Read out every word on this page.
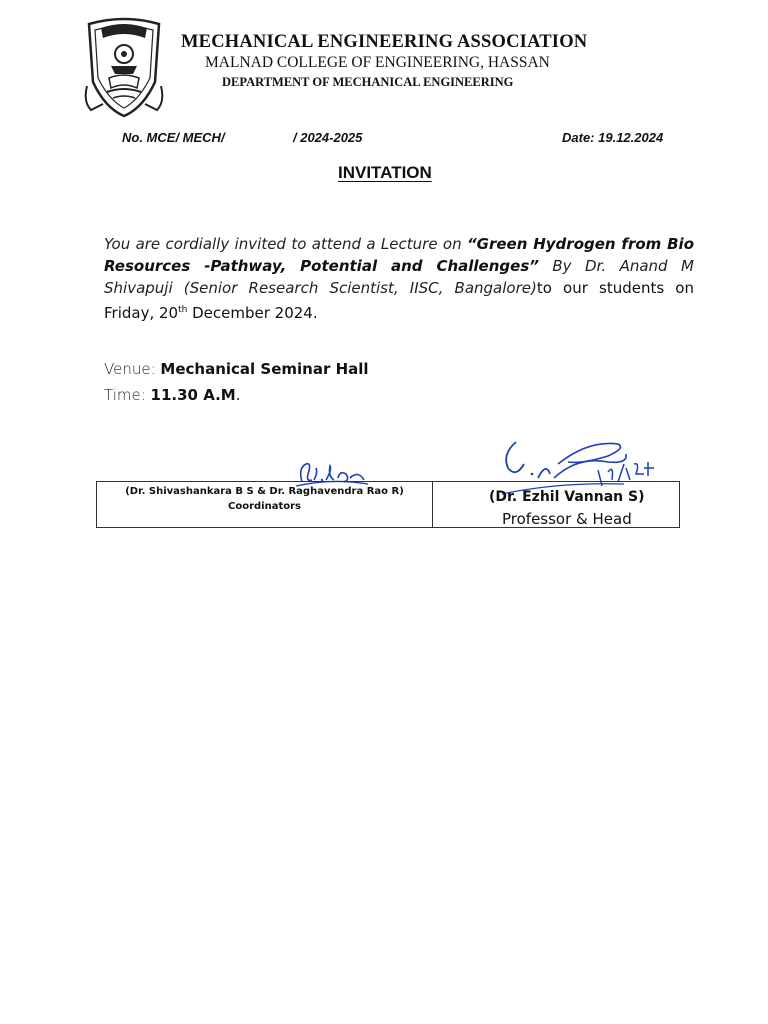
MECHANICAL ENGINEERING ASSOCIATION
MALNAD COLLEGE OF ENGINEERING, HASSAN
DEPARTMENT OF MECHANICAL ENGINEERING
No. MCE/ MECH/	/ 2024-2025	Date: 19.12.2024
INVITATION
You are cordially invited to attend a Lecture on “Green Hydrogen from Bio Resources -Pathway, Potential and Challenges” By Dr. Anand M Shivapuji (Senior Research Scientist, IISC, Bangalore)to our students on Friday, 20th December 2024.
Venue: Mechanical Seminar Hall
Time: 11.30 A.M.
(Dr. Shivashankara B S & Dr. Raghavendra Rao R)
Coordinators
(Dr. Ezhil Vannan S)
Professor & Head
